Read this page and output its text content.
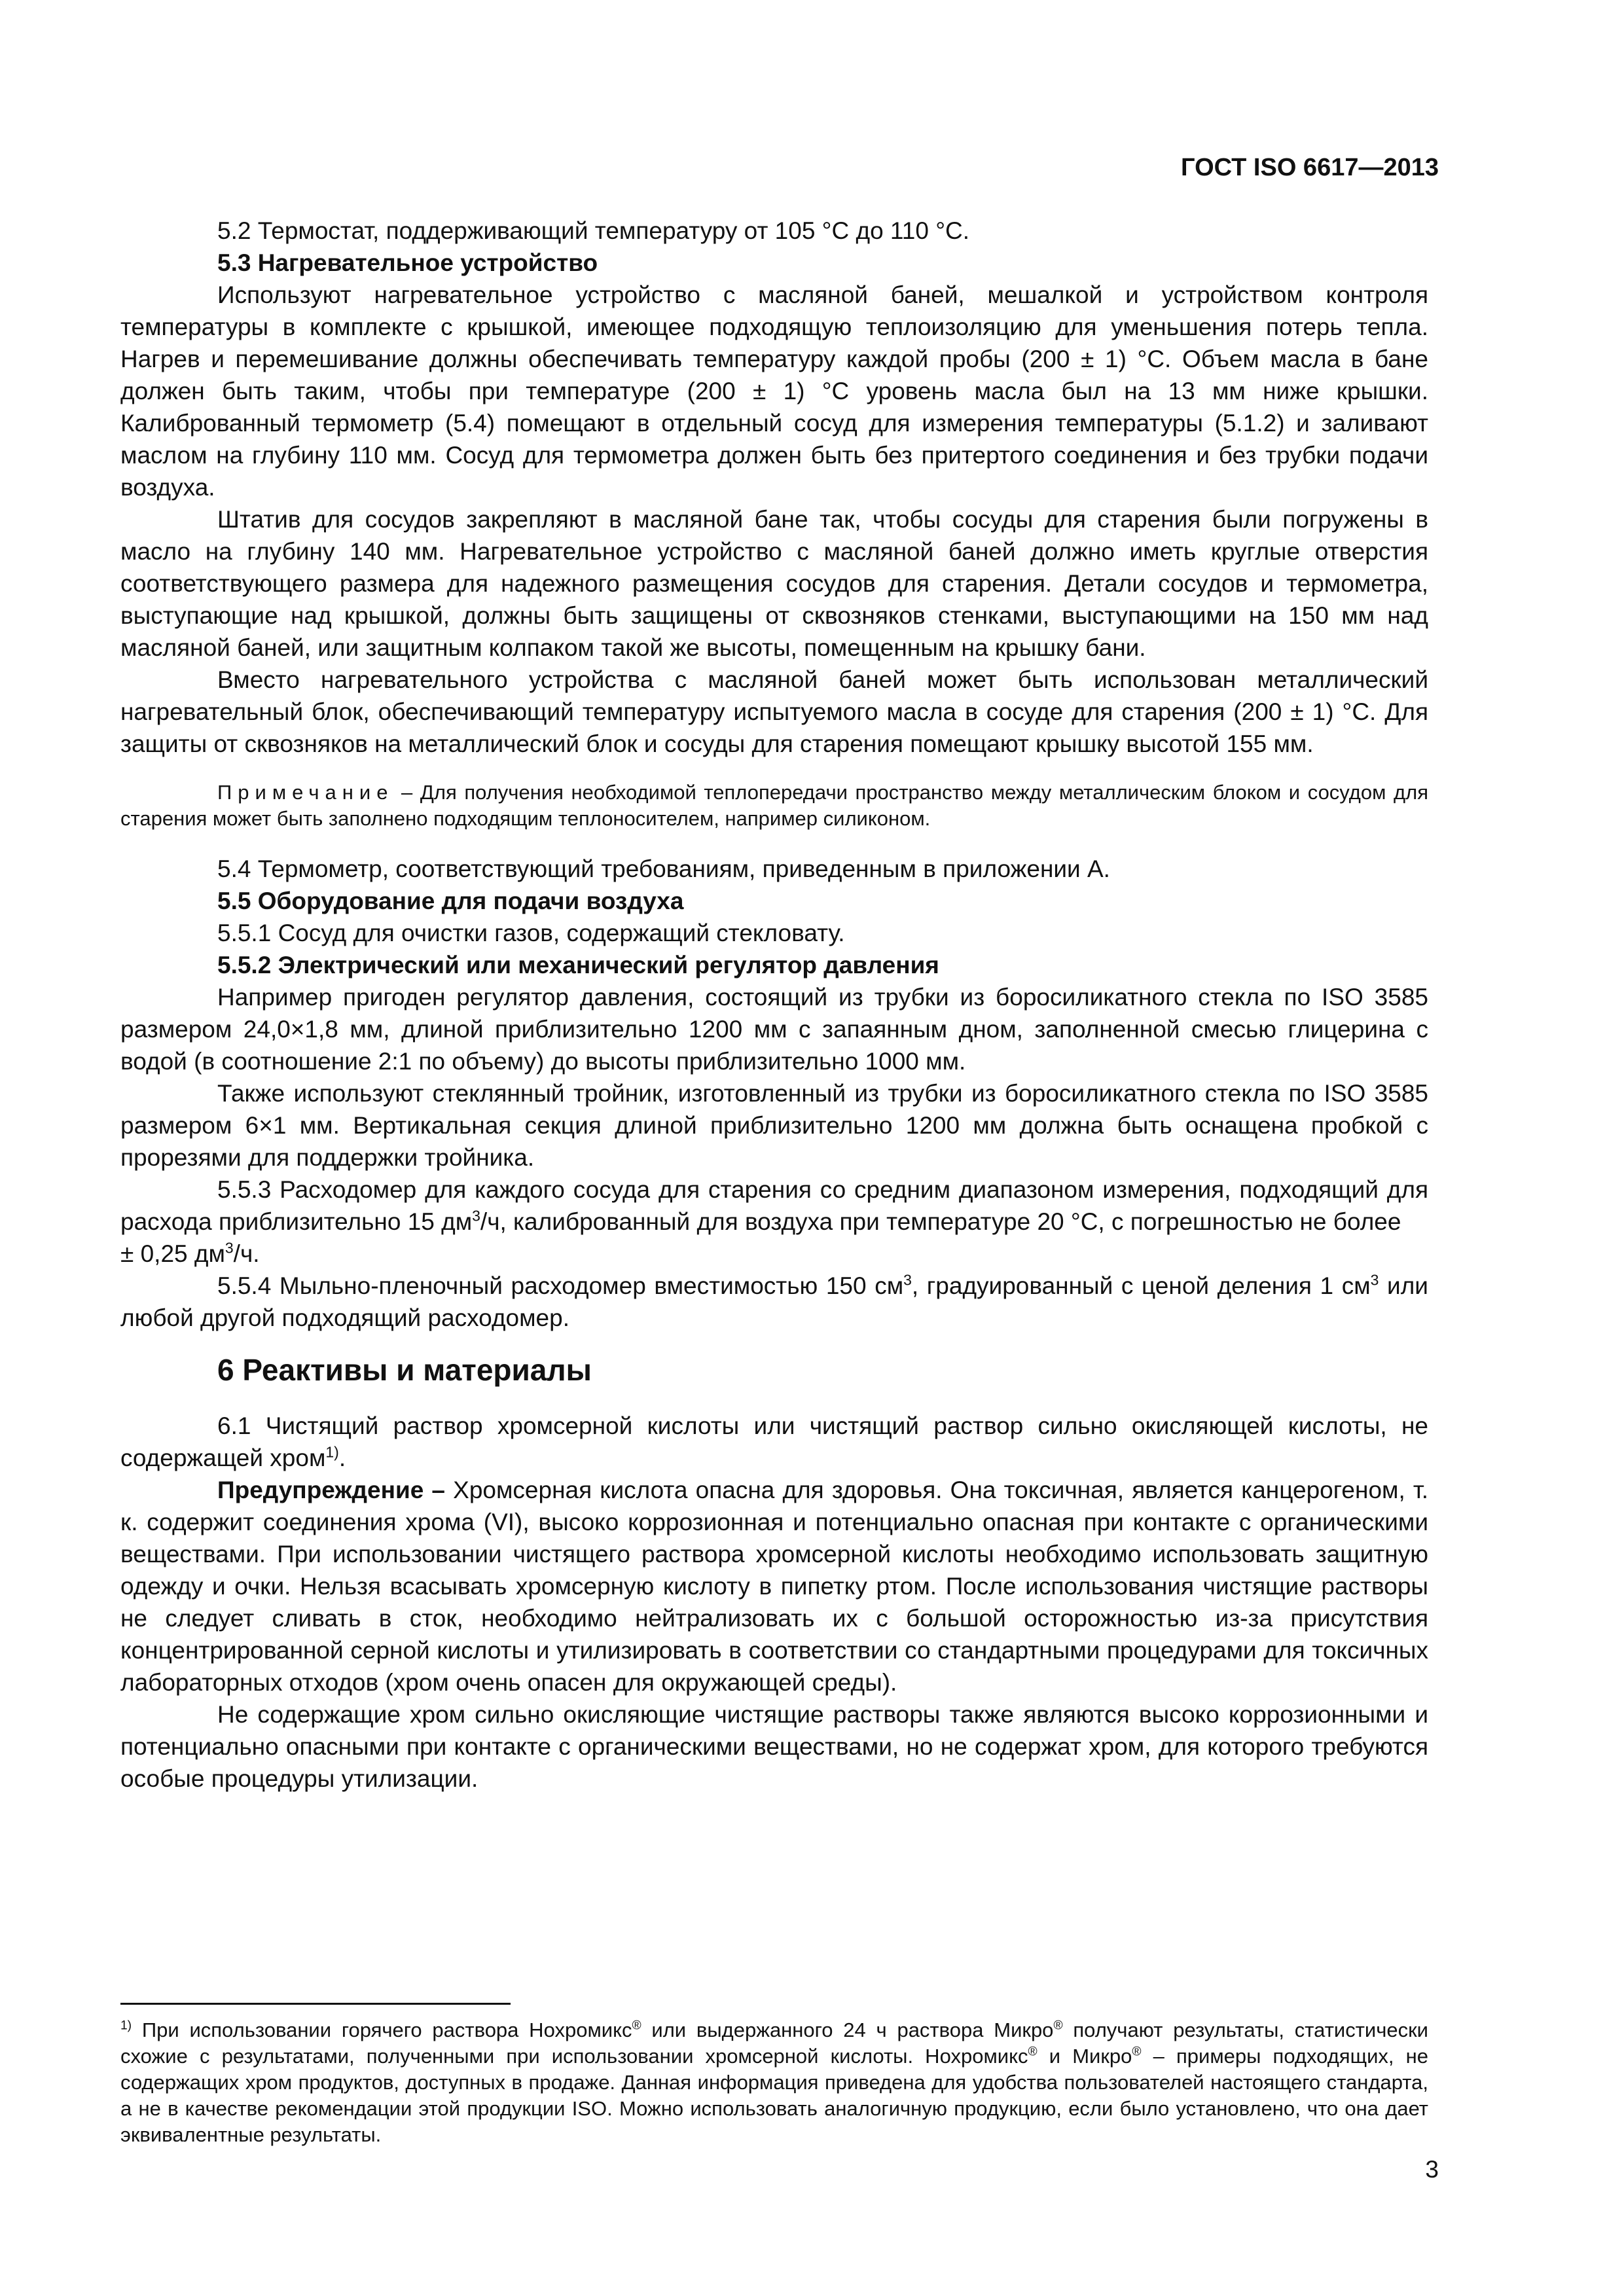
ГОСТ ISO 6617—2013

5.2 Термостат, поддерживающий температуру от 105 °С до 110 °С.

5.3 Нагревательное устройство

Используют нагревательное устройство с масляной баней, мешалкой и устройством контроля температуры в комплекте с крышкой, имеющее подходящую теплоизоляцию для уменьшения потерь тепла. Нагрев и перемешивание должны обеспечивать температуру каждой пробы (200 ± 1) °С. Объем масла в бане должен быть таким, чтобы при температуре (200 ± 1) °С уровень масла был на 13 мм ниже крышки. Калиброванный термометр (5.4) помещают в отдельный сосуд для измерения температуры (5.1.2) и заливают маслом на глубину 110 мм. Сосуд для термометра должен быть без притертого соединения и без трубки подачи воздуха.

Штатив для сосудов закрепляют в масляной бане так, чтобы сосуды для старения были погружены в масло на глубину 140 мм. Нагревательное устройство с масляной баней должно иметь круглые отверстия соответствующего размера для надежного размещения сосудов для старения. Детали сосудов и термометра, выступающие над крышкой, должны быть защищены от сквозняков стенками, выступающими на 150 мм над масляной баней, или защитным колпаком такой же высоты, помещенным на крышку бани.

Вместо нагревательного устройства с масляной баней может быть использован металлический нагревательный блок, обеспечивающий температуру испытуемого масла в сосуде для старения (200 ± 1) °С. Для защиты от сквозняков на металлический блок и сосуды для старения помещают крышку высотой 155 мм.

Примечание – Для получения необходимой теплопередачи пространство между металлическим блоком и сосудом для старения может быть заполнено подходящим теплоносителем, например силиконом.

5.4 Термометр, соответствующий требованиям, приведенным в приложении А.

5.5 Оборудование для подачи воздуха

5.5.1 Сосуд для очистки газов, содержащий стекловату.

5.5.2 Электрический или механический регулятор давления

Например пригоден регулятор давления, состоящий из трубки из боросиликатного стекла по ISO 3585 размером 24,0×1,8 мм, длиной приблизительно 1200 мм с запаянным дном, заполненной смесью глицерина с водой (в соотношение 2:1 по объему) до высоты приблизительно 1000 мм.

Также используют стеклянный тройник, изготовленный из трубки из боросиликатного стекла по ISO 3585 размером 6×1 мм. Вертикальная секция длиной приблизительно 1200 мм должна быть оснащена пробкой с прорезями для поддержки тройника.

5.5.3 Расходомер для каждого сосуда для старения со средним диапазоном измерения, подходящий для расхода приблизительно 15 $дм^3/ч$, калиброванный для воздуха при температуре 20 °С, с погрешностью не более

± 0,25 $дм^3/ч$.

5.5.4 Мыльно-пленочный расходомер вместимостью 150 $см^3$, градуированный с ценой деления 1 $см^3$ или любой другой подходящий расходомер.

6 Реактивы и материалы

6.1 Чистящий раствор хромсерной кислоты или чистящий раствор сильно окисляющей кислоты, не содержащей хром$^{1)}$.

Предупреждение – Хромсерная кислота опасна для здоровья. Она токсичная, является канцерогеном, т. к. содержит соединения хрома (VI), высоко коррозионная и потенциально опасная при контакте с органическими веществами. При использовании чистящего раствора хромсерной кислоты необходимо использовать защитную одежду и очки. Нельзя всасывать хромсерную кислоту в пипетку ртом. После использования чистящие растворы не следует сливать в сток, необходимо нейтрализовать их с большой осторожностью из-за присутствия концентрированной серной кислоты и утилизировать в соответствии со стандартными процедурами для токсичных лабораторных отходов (хром очень опасен для окружающей среды).

Не содержащие хром сильно окисляющие чистящие растворы также являются высоко коррозионными и потенциально опасными при контакте с органическими веществами, но не содержат хром, для которого требуются особые процедуры утилизации.

$^{1)}$ При использовании горячего раствора Нохромикс® или выдержанного 24 ч раствора Микро® получают результаты, статистически схожие с результатами, полученными при использовании хромсерной кислоты. Нохромикс® и Микро® – примеры подходящих, не содержащих хром продуктов, доступных в продаже. Данная информация приведена для удобства пользователей настоящего стандарта, а не в качестве рекомендации этой продукции ISO. Можно использовать аналогичную продукцию, если было установлено, что она дает эквивалентные результаты.

3
